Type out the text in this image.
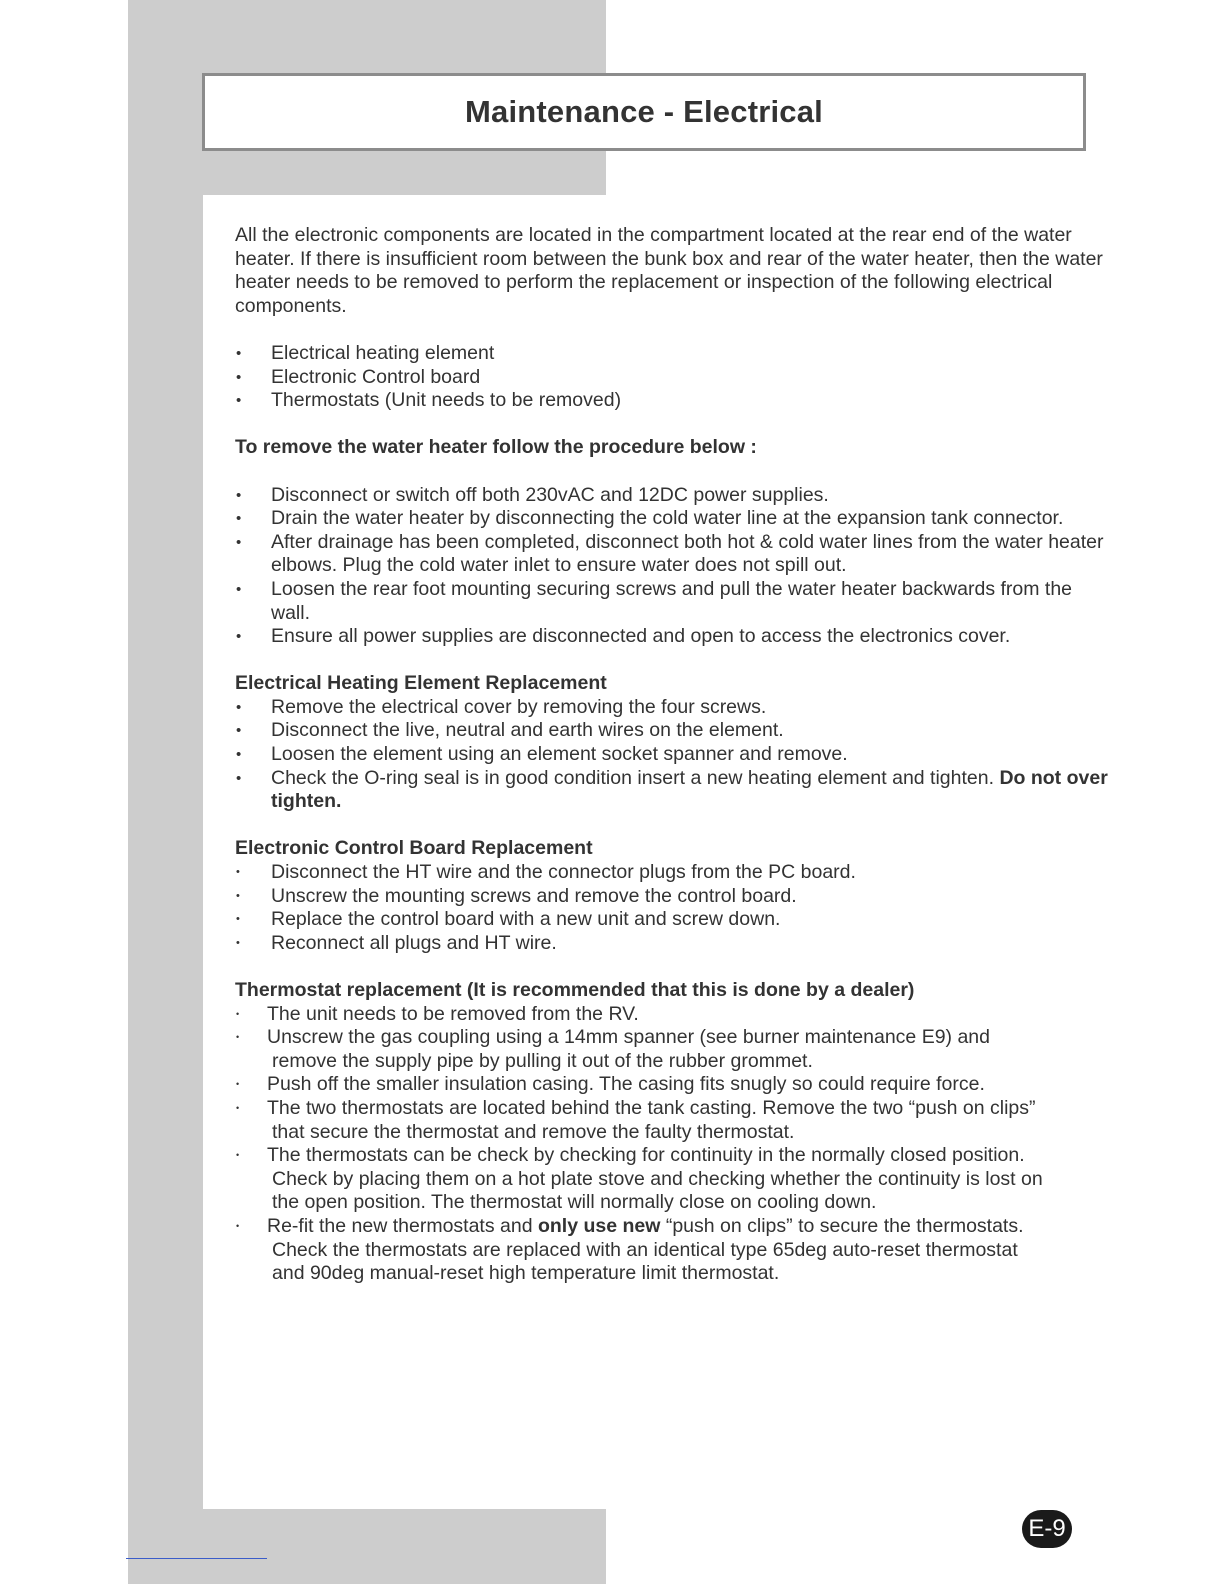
Maintenance - Electrical

All the electronic components are located in the compartment located at the rear end of the water heater. If there is insufficient room between the bunk box and rear of the water heater, then the water heater needs to be removed to perform the replacement or inspection of the following electrical components.

• Electrical heating element
• Electronic Control board
• Thermostats (Unit needs to be removed)

To remove the water heater follow the procedure below :

• Disconnect or switch off both 230vAC and 12DC power supplies.
• Drain the water heater by disconnecting the cold water line at the expansion tank connector.
• After drainage has been completed, disconnect both hot & cold water lines from the water heater elbows. Plug the cold water inlet to ensure water does not spill out.
• Loosen the rear foot mounting securing screws and pull the water heater backwards from the wall.
• Ensure all power supplies are disconnected and open to access the electronics cover.

Electrical Heating Element Replacement

• Remove the electrical cover by removing the four screws.
• Disconnect the live, neutral and earth wires on the element.
• Loosen the element using an element socket spanner and remove.
• Check the O-ring seal is in good condition insert a new heating element and tighten. Do not over tighten.

Electronic Control Board Replacement

• Disconnect the HT wire and the connector plugs from the PC board.
• Unscrew the mounting screws and remove the control board.
• Replace the control board with a new unit and screw down.
• Reconnect all plugs and HT wire.

Thermostat replacement (It is recommended that this is done by a dealer)

• The unit needs to be removed from the RV.
• Unscrew the gas coupling using a 14mm spanner (see burner maintenance E9) and
remove the supply pipe by pulling it out of the rubber grommet.
• Push off the smaller insulation casing. The casing fits snugly so could require force.
• The two thermostats are located behind the tank casting. Remove the two “push on clips”
that secure the thermostat and remove the faulty thermostat.
• The thermostats can be check by checking for continuity in the normally closed position.
Check by placing them on a hot plate stove and checking whether the continuity is lost on
the open position. The thermostat will normally close on cooling down.
• Re-fit the new thermostats and only use new “push on clips” to secure the thermostats.
Check the thermostats are replaced with an identical type 65deg auto-reset thermostat
and 90deg manual-reset high temperature limit thermostat.
E-9
